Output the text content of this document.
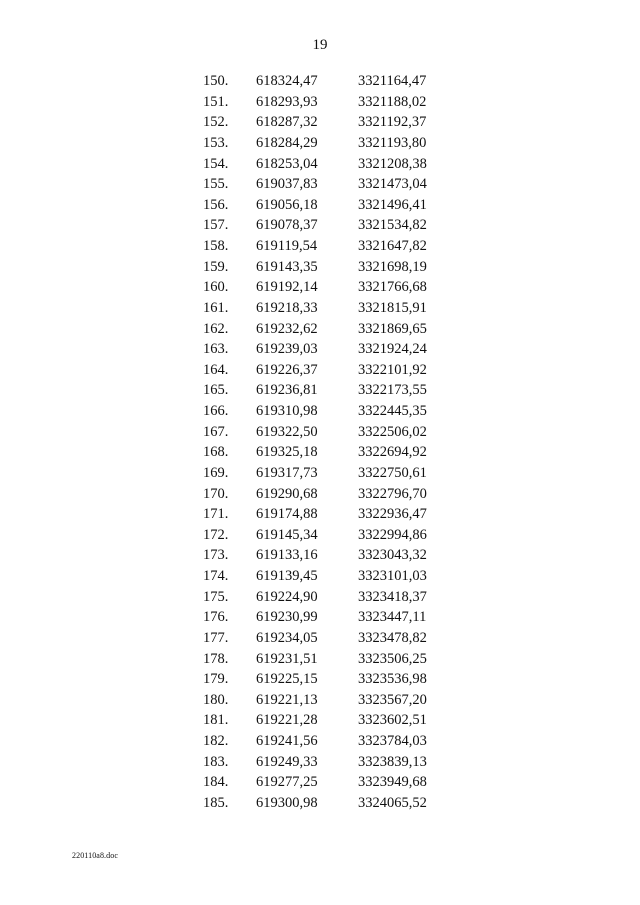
19
150. 618324,47	3321164,47
151. 618293,93	3321188,02
152. 618287,32	3321192,37
153. 618284,29	3321193,80
154. 618253,04	3321208,38
155. 619037,83	3321473,04
156. 619056,18	3321496,41
157. 619078,37	3321534,82
158. 619119,54	3321647,82
159. 619143,35	3321698,19
160. 619192,14	3321766,68
161. 619218,33	3321815,91
162. 619232,62	3321869,65
163. 619239,03	3321924,24
164. 619226,37	3322101,92
165. 619236,81	3322173,55
166. 619310,98	3322445,35
167. 619322,50	3322506,02
168. 619325,18	3322694,92
169. 619317,73	3322750,61
170. 619290,68	3322796,70
171. 619174,88	3322936,47
172. 619145,34	3322994,86
173. 619133,16	3323043,32
174. 619139,45	3323101,03
175. 619224,90	3323418,37
176. 619230,99	3323447,11
177. 619234,05	3323478,82
178. 619231,51	3323506,25
179. 619225,15	3323536,98
180. 619221,13	3323567,20
181. 619221,28	3323602,51
182. 619241,56	3323784,03
183. 619249,33	3323839,13
184. 619277,25	3323949,68
185. 619300,98	3324065,52
220110a8.doc
